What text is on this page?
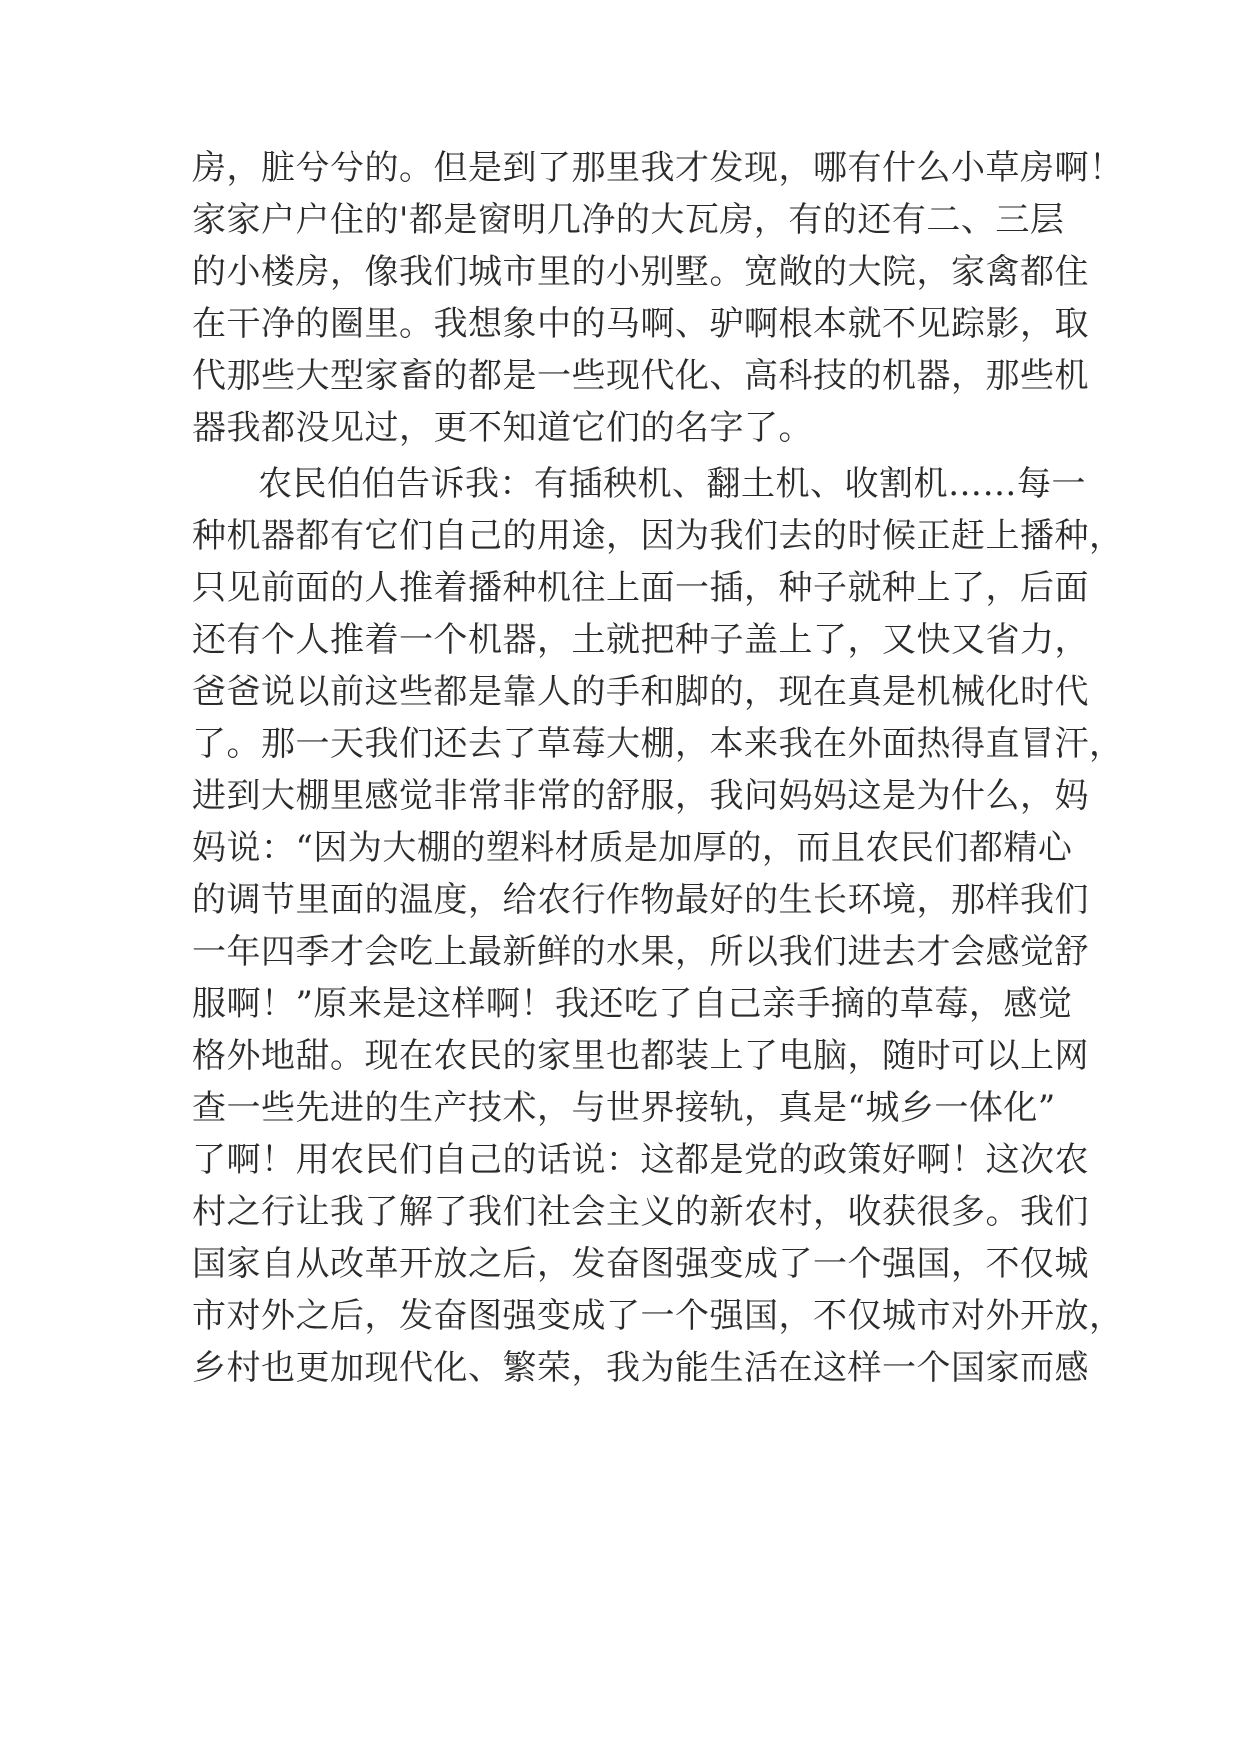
房，脏兮兮的。但是到了那里我才发现，哪有什么小草房啊！
家家户户住的'都是窗明几净的大瓦房，有的还有二、三层
的小楼房，像我们城市里的小别墅。宽敞的大院，家禽都住
在干净的圈里。我想象中的马啊、驴啊根本就不见踪影，取
代那些大型家畜的都是一些现代化、高科技的机器，那些机
器我都没见过，更不知道它们的名字了。
农民伯伯告诉我：有插秧机、翻土机、收割机……每一
种机器都有它们自己的用途，因为我们去的时候正赶上播种，
只见前面的人推着播种机往上面一插，种子就种上了，后面
还有个人推着一个机器，土就把种子盖上了，又快又省力，
爸爸说以前这些都是靠人的手和脚的，现在真是机械化时代
了。那一天我们还去了草莓大棚，本来我在外面热得直冒汗，
进到大棚里感觉非常非常的舒服，我问妈妈这是为什么，妈
妈说：“因为大棚的塑料材质是加厚的，而且农民们都精心
的调节里面的温度，给农行作物最好的生长环境，那样我们
一年四季才会吃上最新鲜的水果，所以我们进去才会感觉舒
服啊！”原来是这样啊！我还吃了自己亲手摘的草莓，感觉
格外地甜。现在农民的家里也都装上了电脑，随时可以上网
查一些先进的生产技术，与世界接轨，真是“城乡一体化”
了啊！用农民们自己的话说：这都是党的政策好啊！这次农
村之行让我了解了我们社会主义的新农村，收获很多。我们
国家自从改革开放之后，发奋图强变成了一个强国，不仅城
市对外之后，发奋图强变成了一个强国，不仅城市对外开放，
乡村也更加现代化、繁荣，我为能生活在这样一个国家而感
